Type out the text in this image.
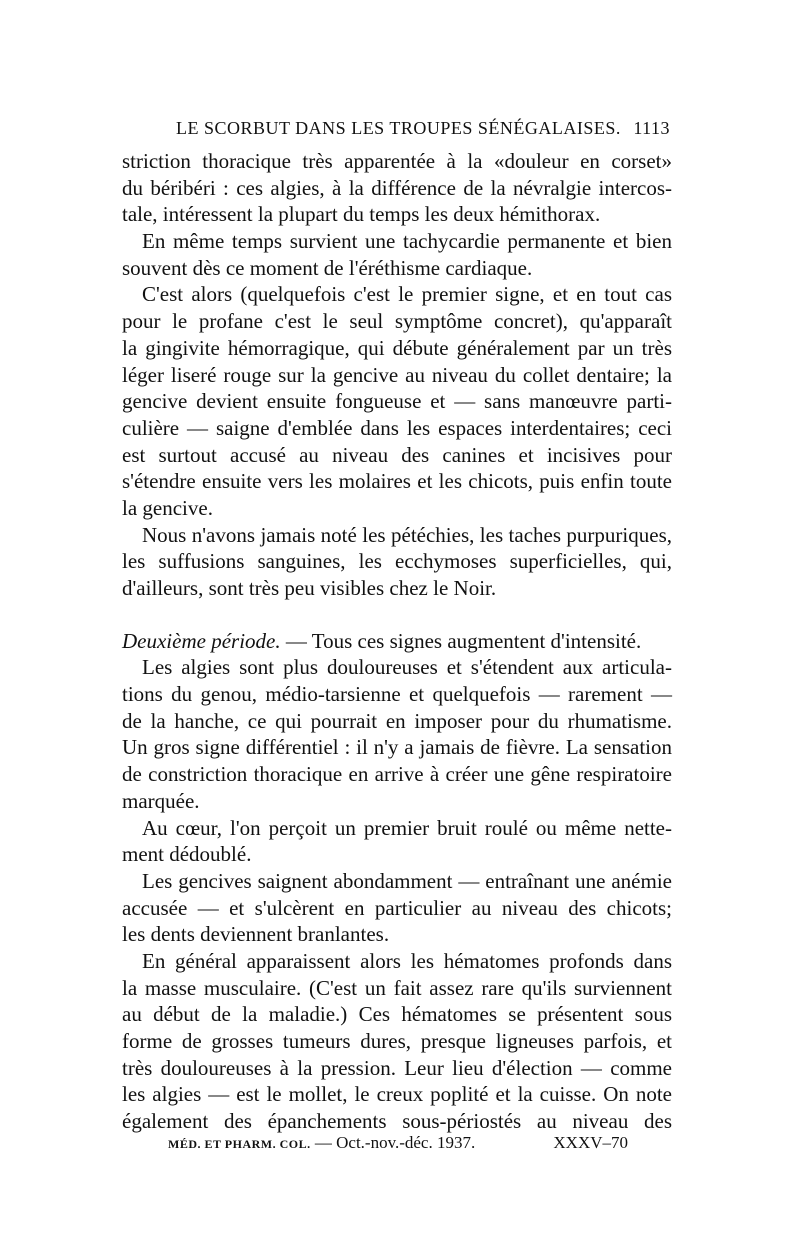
LE SCORBUT DANS LES TROUPES SÉNÉGALAISES. 1113
striction thoracique très apparentée à la «douleur en corset»
du béribéri : ces algies, à la différence de la névralgie intercos-
tale, intéressent la plupart du temps les deux hémithorax.
En même temps survient une tachycardie permanente et bien
souvent dès ce moment de l'éréthisme cardiaque.
C'est alors (quelquefois c'est le premier signe, et en tout cas
pour le profane c'est le seul symptôme concret), qu'apparaît
la gingivite hémorragique, qui débute généralement par un très
léger liseré rouge sur la gencive au niveau du collet dentaire; la
gencive devient ensuite fongueuse et — sans manœuvre parti-
culière — saigne d'emblée dans les espaces interdentaires; ceci
est surtout accusé au niveau des canines et incisives pour
s'étendre ensuite vers les molaires et les chicots, puis enfin toute
la gencive.
Nous n'avons jamais noté les pétéchies, les taches purpuriques,
les suffusions sanguines, les ecchymoses superficielles, qui,
d'ailleurs, sont très peu visibles chez le Noir.
Deuxième période. — Tous ces signes augmentent d'intensité.
Les algies sont plus douloureuses et s'étendent aux articula-
tions du genou, médio-tarsienne et quelquefois — rarement —
de la hanche, ce qui pourrait en imposer pour du rhumatisme.
Un gros signe différentiel : il n'y a jamais de fièvre. La sensation
de constriction thoracique en arrive à créer une gêne respiratoire
marquée.
Au cœur, l'on perçoit un premier bruit roulé ou même nette-
ment dédoublé.
Les gencives saignent abondamment — entraînant une anémie
accusée — et s'ulcèrent en particulier au niveau des chicots;
les dents deviennent branlantes.
En général apparaissent alors les hématomes profonds dans
la masse musculaire. (C'est un fait assez rare qu'ils surviennent
au début de la maladie.) Ces hématomes se présentent sous
forme de grosses tumeurs dures, presque ligneuses parfois, et
très douloureuses à la pression. Leur lieu d'élection — comme
les algies — est le mollet, le creux poplité et la cuisse. On note
également des épanchements sous-périostés au niveau des
MÉD. ET PHARM. COL. — Oct.-nov.-déc. 1937.	XXXV–70
